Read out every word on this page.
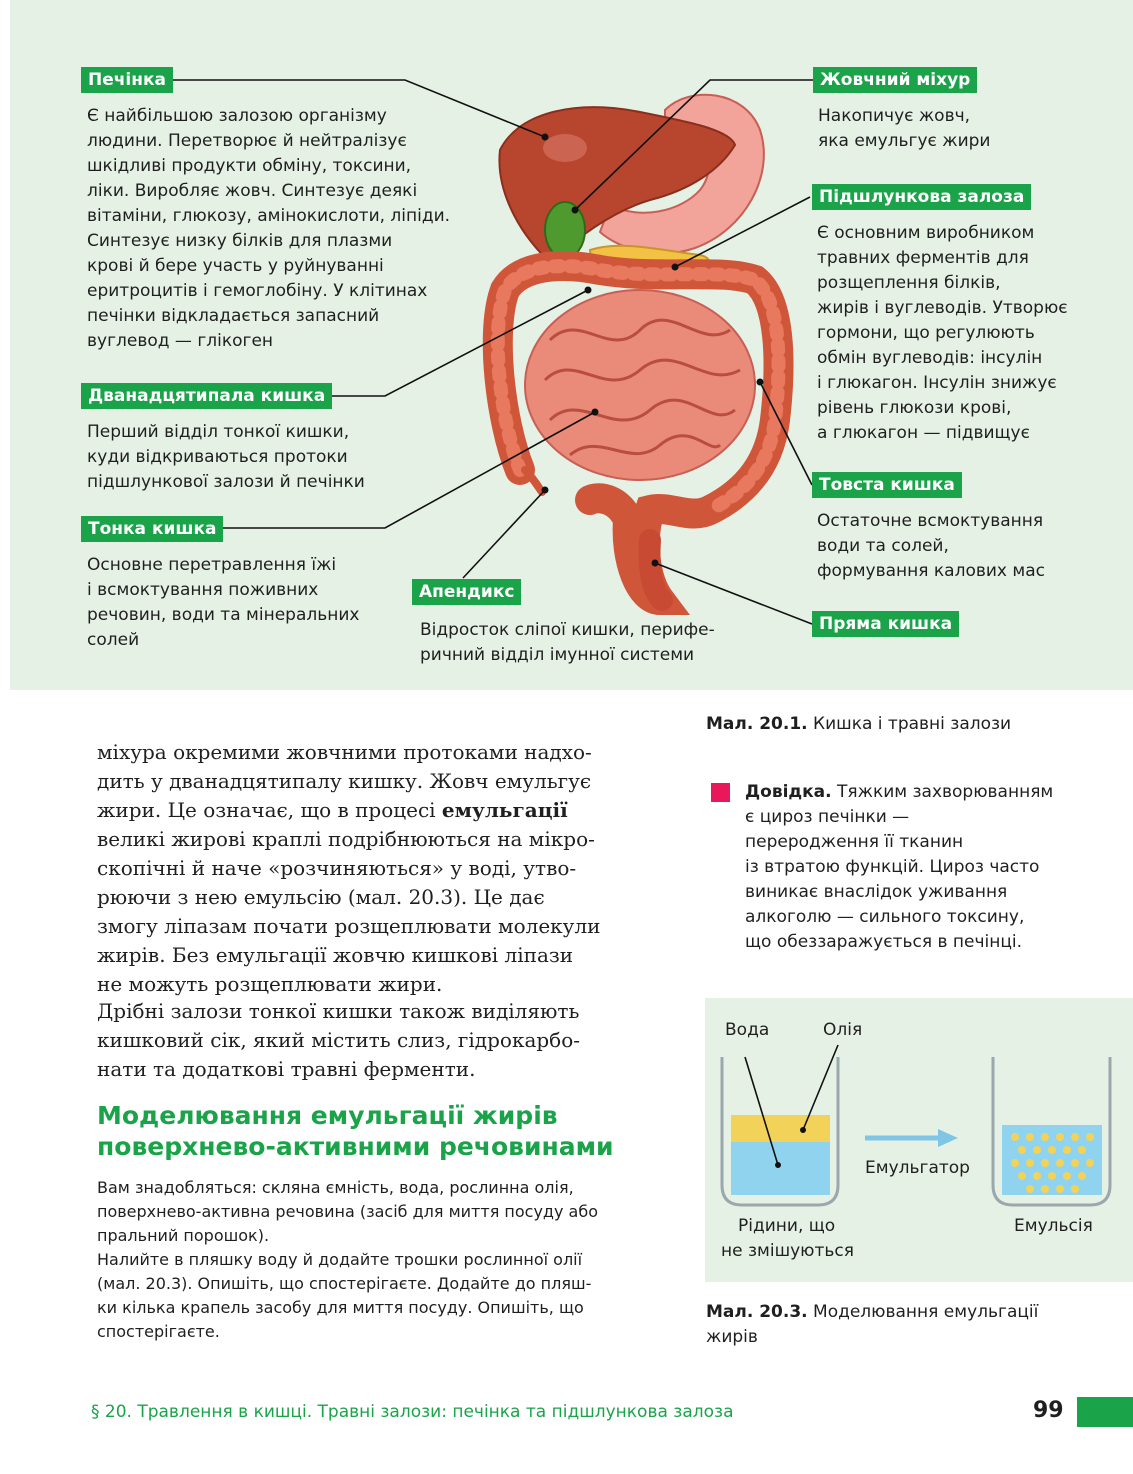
Печінка
Є найбільшою залозою організму
людини. Перетворює й нейтралізує
шкідливі продукти обміну, токсини,
ліки. Виробляє жовч. Синтезує деякі
вітаміни, глюкозу, амінокислоти, ліпіди.
Синтезує низку білків для плазми
крові й бере участь у руйнуванні
еритроцитів і гемоглобіну. У клітинах
печінки відкладається запасний
вуглевод — глікоген
Дванадцятипала кишка
Перший відділ тонкої кишки,
куди відкриваються протоки
підшлункової залози й печінки
Тонка кишка
Основне перетравлення їжі
і всмоктування поживних
речовин, води та мінеральних
солей
Апендикс
Відросток сліпої кишки, перифе-
ричний відділ імунної системи
Жовчний міхур
Накопичує жовч,
яка емульгує жири
Підшлункова залоза
Є основним виробником
травних ферментів для
розщеплення білків,
жирів і вуглеводів. Утворює
гормони, що регулюють
обмін вуглеводів: інсулін
і глюкагон. Інсулін знижує
рівень глюкози крові,
а глюкагон — підвищує
Товста кишка
Остаточне всмоктування
води та солей,
формування калових мас
Пряма кишка
Мал. 20.1. Кишка і травні залози
міхура окремими жовчними протоками надхо-
дить у дванадцятипалу кишку. Жовч емульгує
жири. Це означає, що в процесі емульгації
великі жирові краплі подрібнюються на мікро-
скопічні й наче «розчиняються» у воді, утво-
рюючи з нею емульсію (мал. 20.3). Це дає
змогу ліпазам почати розщеплювати молекули
жирів. Без емульгації жовчю кишкові ліпази
не можуть розщеплювати жири.
Дрібні залози тонкої кишки також виділяють
кишковий сік, який містить слиз, гідрокарбо-
нати та додаткові травні ферменти.
Моделювання емульгації жирів
поверхнево-активними речовинами
Вам знадобляться: скляна ємність, вода, рослинна олія,
поверхнево-активна речовина (засіб для миття посуду або
пральний порошок).
Налийте в пляшку воду й додайте трошки рослинної олії
(мал. 20.3). Опишіть, що спостерігаєте. Додайте до пляш-
ки кілька крапель засобу для миття посуду. Опишіть, що
спостерігаєте.
Довідка. Тяжким захворюванням
є цироз печінки —
переродження її тканин
із втратою функцій. Цироз часто
виникає внаслідок уживання
алкоголю — сильного токсину,
що обеззаражується в печінці.
Вода	Олія
Емульгатор
Рідини, що
не змішуються
Емульсія
Мал. 20.3. Моделювання емульгації
жирів
§ 20. Травлення в кишці. Травні залози: печінка та підшлункова залоза	99
